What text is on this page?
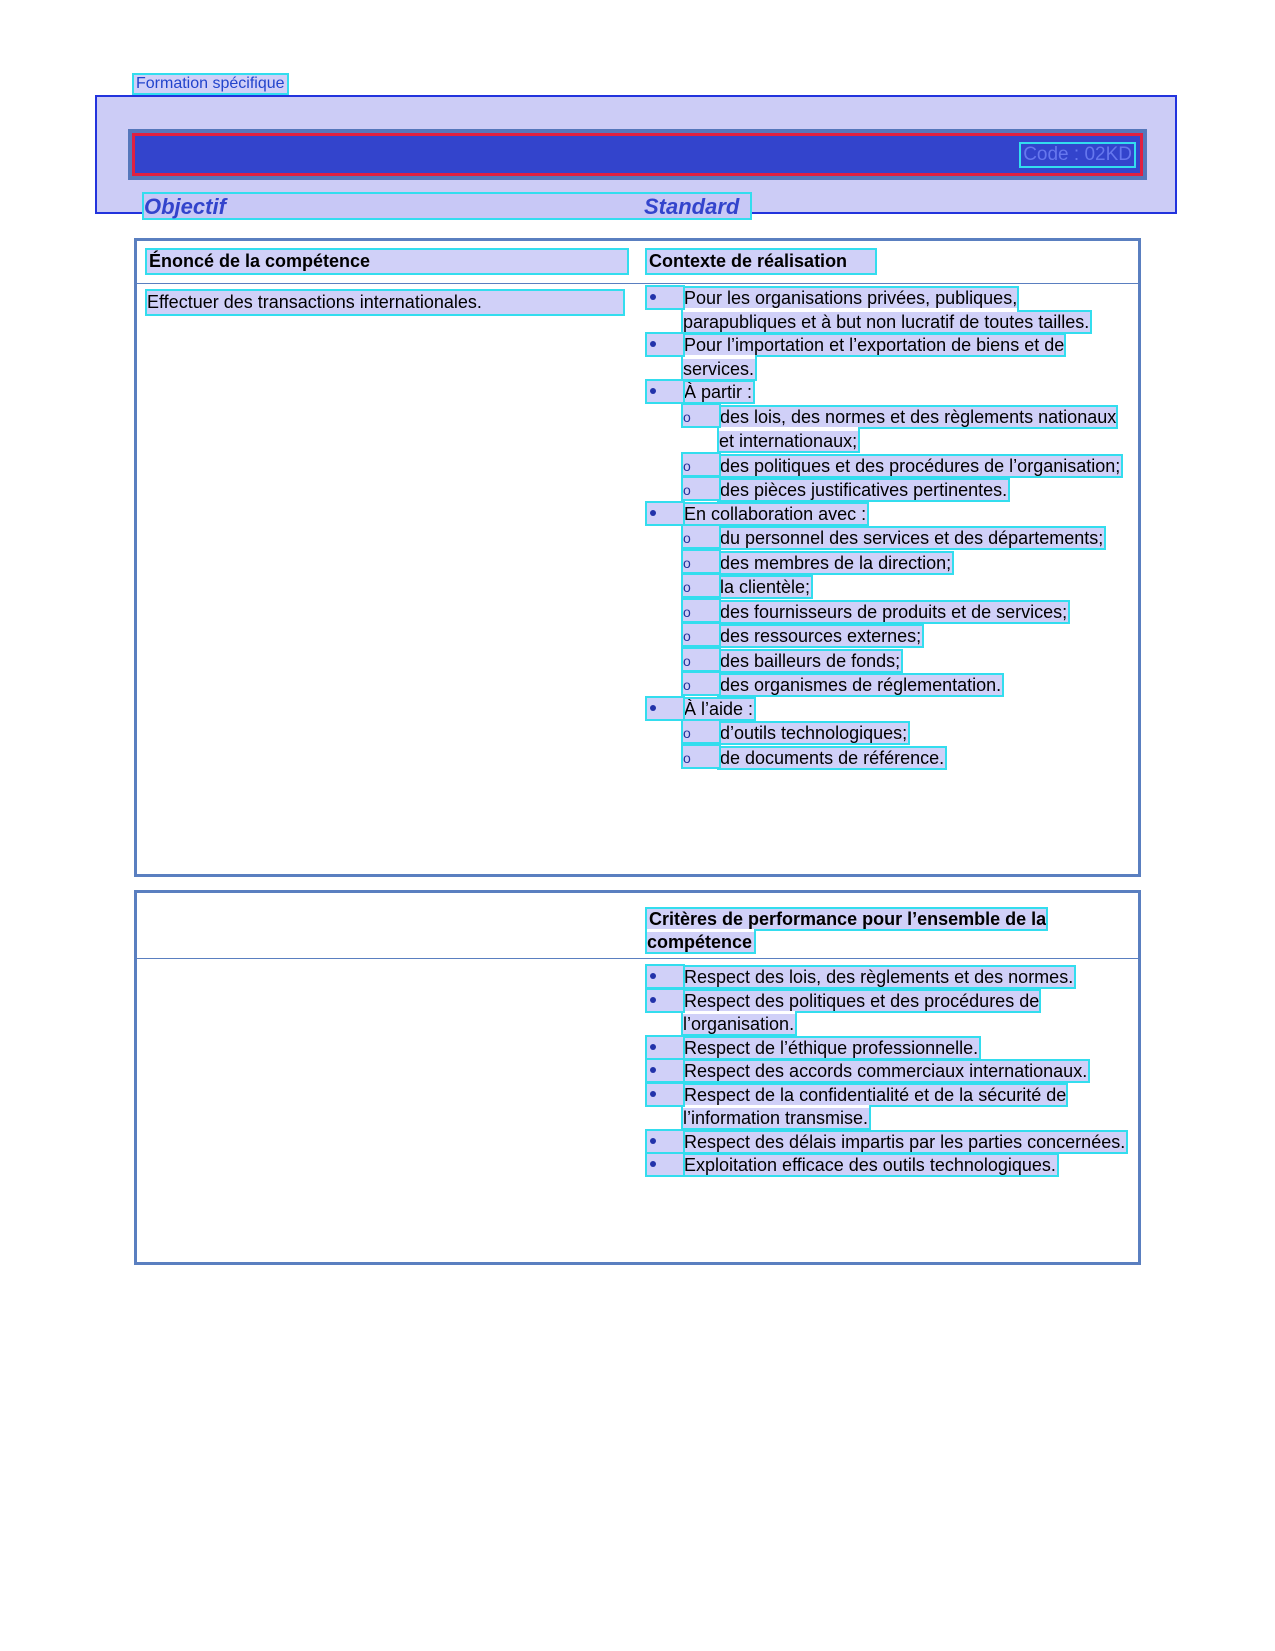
Formation spécifique
Code : 02KD
Objectif	Standard
Énoncé de la compétence	Contexte de réalisation
Effectuer des transactions internationales.	Pour les organisations privées, publiques, parapubliques et à but non lucratif de toutes tailles.
Pour l’importation et l’exportation de biens et de services.
À partir :
o	des lois, des normes et des règlements nationaux et internationaux;
o	des politiques et des procédures de l’organisation;
o	des pièces justificatives pertinentes.
En collaboration avec :
o	du personnel des services et des départements;
o	des membres de la direction;
o	la clientèle;
o	des fournisseurs de produits et de services;
o	des ressources externes;
o	des bailleurs de fonds;
o	des organismes de réglementation.
À l’aide :
o	d’outils technologiques;
o	de documents de référence.
Critères de performance pour l’ensemble de la compétence
Respect des lois, des règlements et des normes.
Respect des politiques et des procédures de l’organisation.
Respect de l’éthique professionnelle.
Respect des accords commerciaux internationaux.
Respect de la confidentialité et de la sécurité de l’information transmise.
Respect des délais impartis par les parties concernées.
Exploitation efficace des outils technologiques.
